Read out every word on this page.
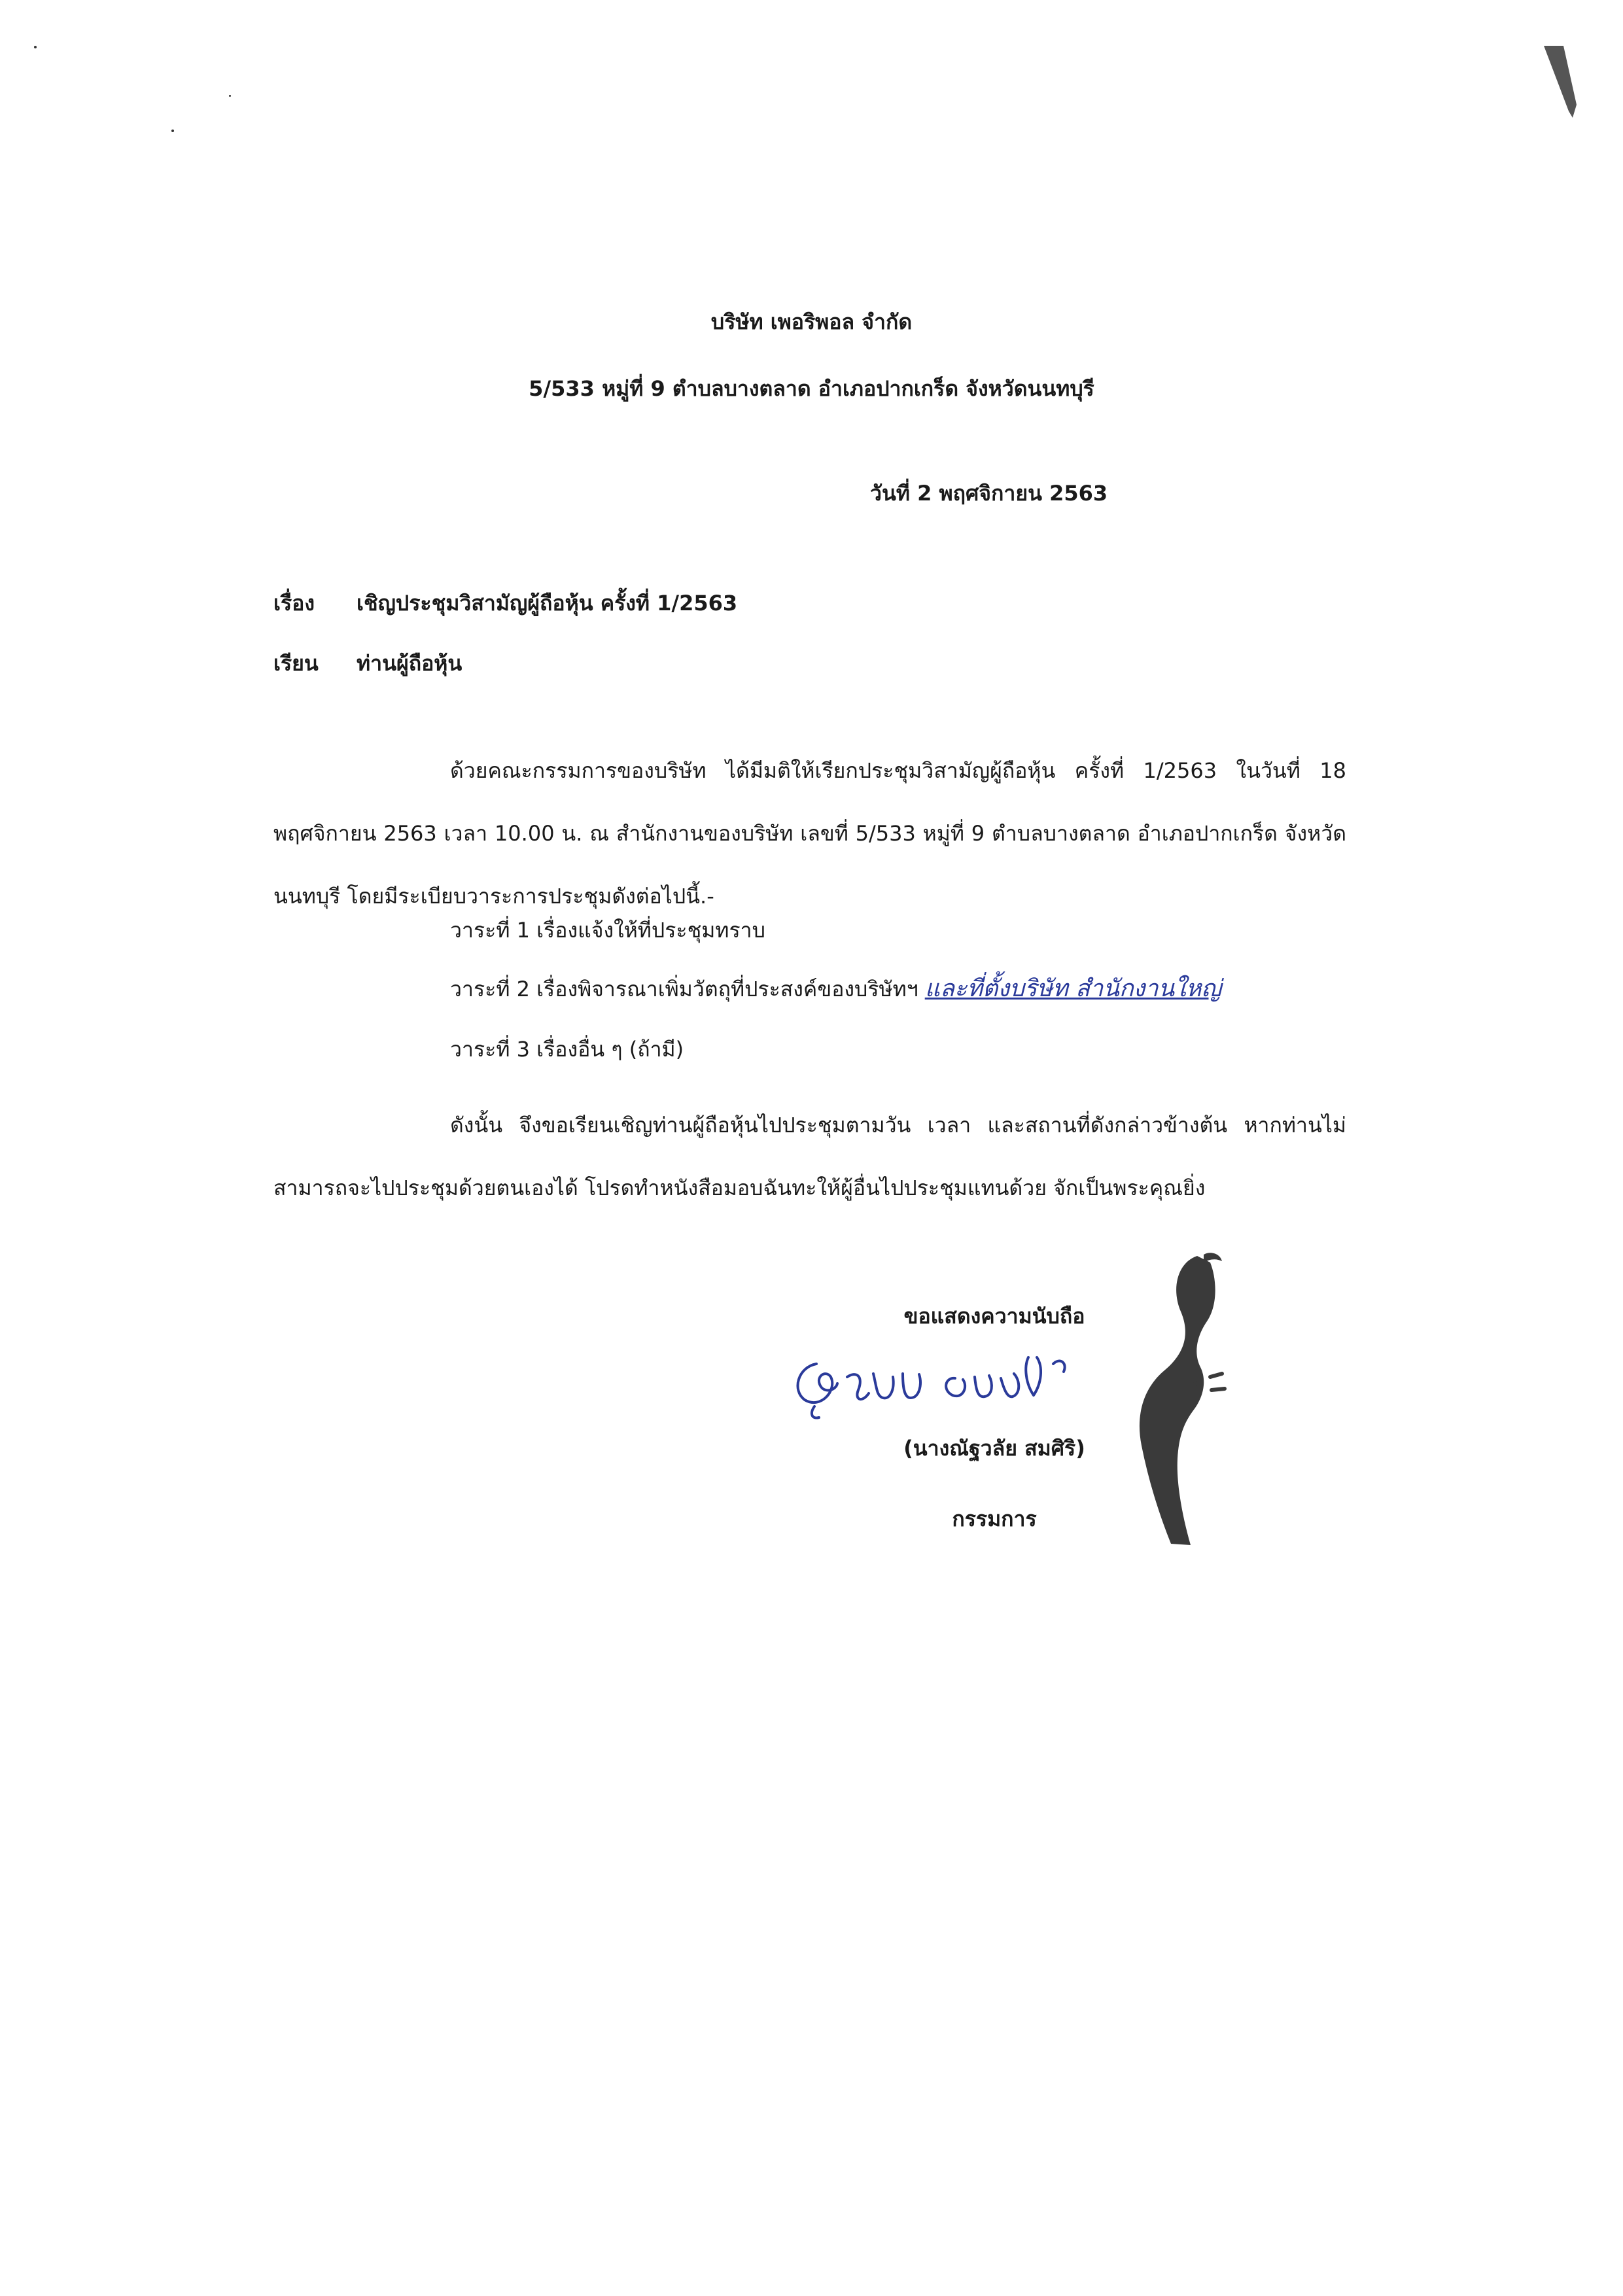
บริษัท เพอริพอล จำกัด
5/533 หมู่ที่ 9 ตำบลบางตลาด อำเภอปากเกร็ด จังหวัดนนทบุรี
วันที่ 2 พฤศจิกายน 2563
เรื่อง เชิญประชุมวิสามัญผู้ถือหุ้น ครั้งที่ 1/2563
เรียน ท่านผู้ถือหุ้น
ด้วยคณะกรรมการของบริษัท ได้มีมติให้เรียกประชุมวิสามัญผู้ถือหุ้น ครั้งที่ 1/2563 ในวันที่ 18 พฤศจิกายน 2563 เวลา 10.00 น. ณ สำนักงานของบริษัท เลขที่ 5/533 หมู่ที่ 9 ตำบลบางตลาด อำเภอปากเกร็ด จังหวัดนนทบุรี โดยมีระเบียบวาระการประชุมดังต่อไปนี้.-
วาระที่ 1 เรื่องแจ้งให้ที่ประชุมทราบ
วาระที่ 2 เรื่องพิจารณาเพิ่มวัตถุที่ประสงค์ของบริษัทฯ และที่ตั้งบริษัท สำนักงานใหญ่
วาระที่ 3 เรื่องอื่น ๆ (ถ้ามี)
ดังนั้น จึงขอเรียนเชิญท่านผู้ถือหุ้นไปประชุมตามวัน เวลา และสถานที่ดังกล่าวข้างต้น หากท่านไม่สามารถจะไปประชุมด้วยตนเองได้ โปรดทำหนังสือมอบฉันทะให้ผู้อื่นไปประชุมแทนด้วย จักเป็นพระคุณยิ่ง
ขอแสดงความนับถือ
(นางณัฐวลัย สมศิริ)
กรรมการ
